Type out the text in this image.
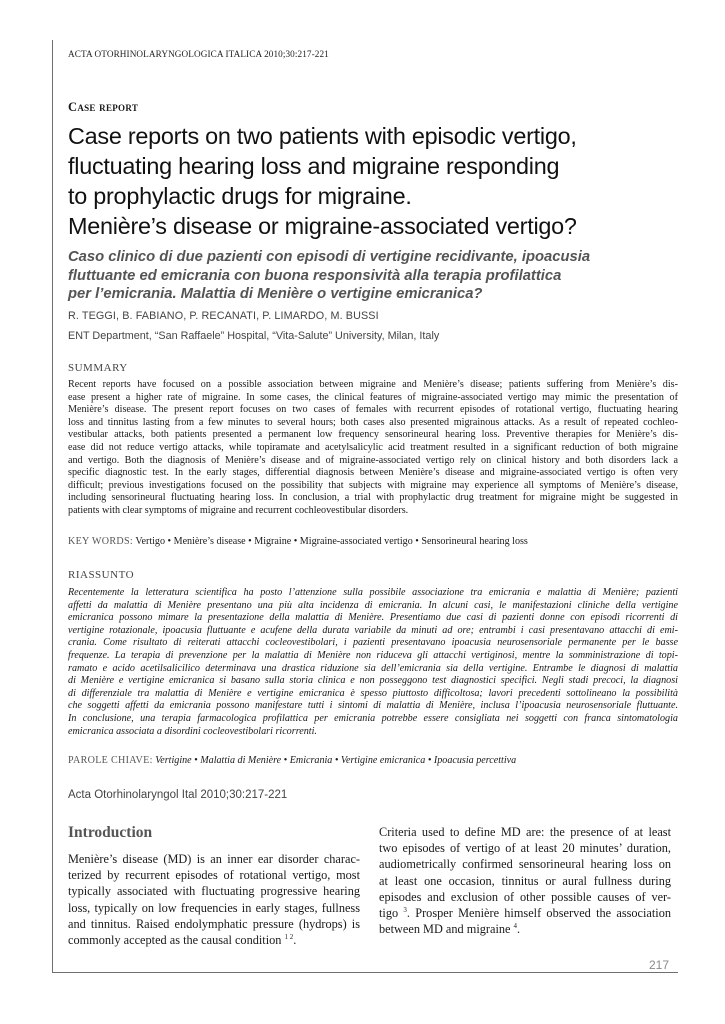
ACTA OTORHINOLARYNGOLOGICA ITALICA 2010;30:217-221
Case report
Case reports on two patients with episodic vertigo,
fluctuating hearing loss and migraine responding
to prophylactic drugs for migraine.
Menière’s disease or migraine-associated vertigo?
Caso clinico di due pazienti con episodi di vertigine recidivante, ipoacusia
fluttuante ed emicrania con buona responsività alla terapia profilattica
per l’emicrania. Malattia di Menière o vertigine emicranica?
R. TEGGI, B. FABIANO, P. RECANATI, P. LIMARDO, M. BUSSI
ENT Department, “San Raffaele” Hospital, “Vita-Salute” University, Milan, Italy
SUMMARY

Recent reports have focused on a possible association between migraine and Menière’s disease; patients suffering from Menière’s dis-
ease present a higher rate of migraine. In some cases, the clinical features of migraine-associated vertigo may mimic the presentation of
Menière’s disease. The present report focuses on two cases of females with recurrent episodes of rotational vertigo, fluctuating hearing
loss and tinnitus lasting from a few minutes to several hours; both cases also presented migrainous attacks. As a result of repeated cochleo-
vestibular attacks, both patients presented a permanent low frequency sensorineural hearing loss. Preventive therapies for Menière’s dis-
ease did not reduce vertigo attacks, while topiramate and acetylsalicylic acid treatment resulted in a significant reduction of both migraine
and vertigo. Both the diagnosis of Menière’s disease and of migraine-associated vertigo rely on clinical history and both disorders lack a
specific diagnostic test. In the early stages, differential diagnosis between Menière’s disease and migraine-associated vertigo is often very
difficult; previous investigations focused on the possibility that subjects with migraine may experience all symptoms of Menière’s disease,
including sensorineural fluctuating hearing loss. In conclusion, a trial with prophylactic drug treatment for migraine might be suggested in
patients with clear symptoms of migraine and recurrent cochleovestibular disorders.

KEY WORDS: Vertigo • Menière’s disease • Migraine • Migraine-associated vertigo • Sensorineural hearing loss
RIASSUNTO

Recentemente la letteratura scientifica ha posto l’attenzione sulla possibile associazione tra emicrania e malattia di Menière; pazienti
affetti da malattia di Menière presentano una più alta incidenza di emicrania. In alcuni casi, le manifestazioni cliniche della vertigine
emicranica possono mimare la presentazione della malattia di Menière. Presentiamo due casi di pazienti donne con episodi ricorrenti di
vertigine rotazionale, ipoacusia fluttuante e acufene della durata variabile da minuti ad ore; entrambi i casi presentavano attacchi di emi-
crania. Come risultato di reiterati attacchi cocleovestibolari, i pazienti presentavano ipoacusia neurosensoriale permanente per le basse
frequenze. La terapia di prevenzione per la malattia di Menière non riduceva gli attacchi vertiginosi, mentre la somministrazione di topi-
ramato e acido acetilsalicilico determinava una drastica riduzione sia dell’emicrania sia della vertigine. Entrambe le diagnosi di malattia
di Menière e vertigine emicranica si basano sulla storia clinica e non posseggono test diagnostici specifici. Negli stadi precoci, la diagnosi
di differenziale tra malattia di Menière e vertigine emicranica è spesso piuttosto difficoltosa; lavori precedenti sottolineano la possibilità
che soggetti affetti da emicrania possono manifestare tutti i sintomi di malattia di Menière, inclusa l’ipoacusia neurosensoriale fluttuante.
In conclusione, una terapia farmacologica profilattica per emicrania potrebbe essere consigliata nei soggetti con franca sintomatologia
emicranica associata a disordini cocleovestibolari ricorrenti.

PAROLE CHIAVE: Vertigine • Malattia di Menière • Emicrania • Vertigine emicranica • Ipoacusia percettiva
Acta Otorhinolaryngol Ital 2010;30:217-221
Introduction

Menière’s disease (MD) is an inner ear disorder charac-
terized by recurrent episodes of rotational vertigo, most
typically associated with fluctuating progressive hearing
loss, typically on low frequencies in early stages, fullness
and tinnitus. Raised endolymphatic pressure (hydrops) is
commonly accepted as the causal condition $^{1 2}$.

Criteria used to define MD are: the presence of at least
two episodes of vertigo of at least 20 minutes’ duration,
audiometrically confirmed sensorineural hearing loss on
at least one occasion, tinnitus or aural fullness during
episodes and exclusion of other possible causes of ver-
tigo $^3$. Prosper Menière himself observed the association
between MD and migraine $^4$.

217
